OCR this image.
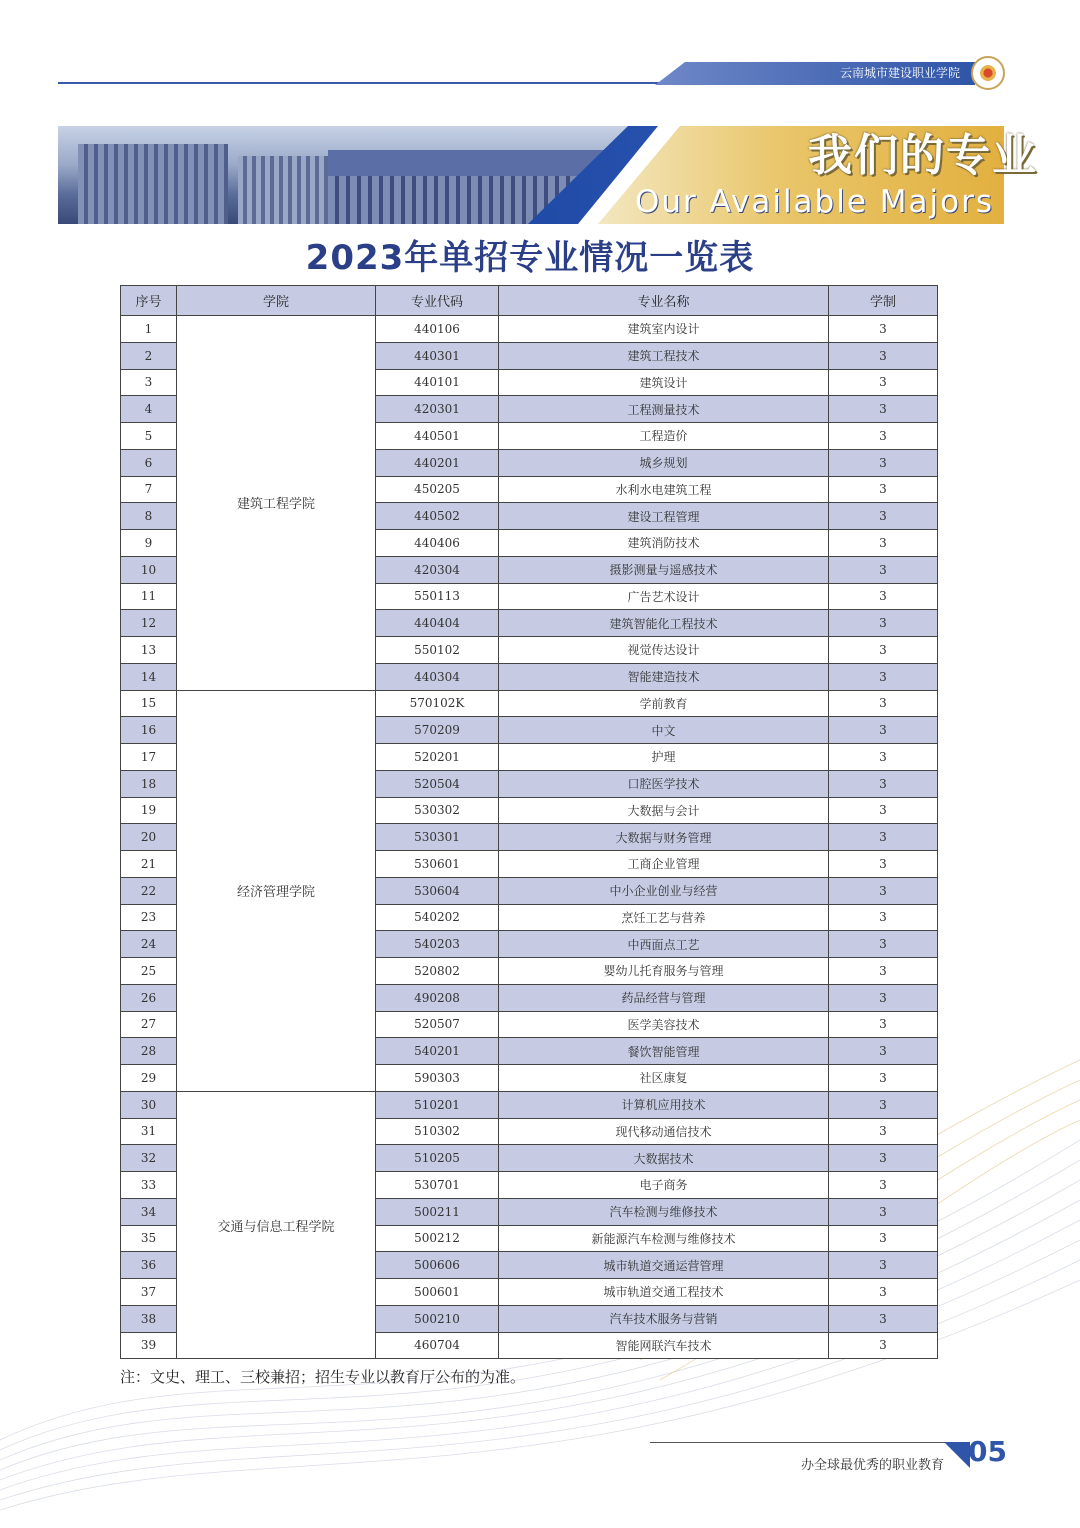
云南城市建设职业学院
我们的专业
Our Available Majors
2023年单招专业情况一览表
序号	学院	专业代码	专业名称	学制
1	建筑工程学院	440106	建筑室内设计	3
2		440301	建筑工程技术	3
3		440101	建筑设计	3
4		420301	工程测量技术	3
5		440501	工程造价	3
6		440201	城乡规划	3
7		450205	水利水电建筑工程	3
8		440502	建设工程管理	3
9		440406	建筑消防技术	3
10		420304	摄影测量与遥感技术	3
11		550113	广告艺术设计	3
12		440404	建筑智能化工程技术	3
13		550102	视觉传达设计	3
14		440304	智能建造技术	3
15	经济管理学院	570102K	学前教育	3
16		570209	中文	3
17		520201	护理	3
18		520504	口腔医学技术	3
19		530302	大数据与会计	3
20		530301	大数据与财务管理	3
21		530601	工商企业管理	3
22		530604	中小企业创业与经营	3
23		540202	烹饪工艺与营养	3
24		540203	中西面点工艺	3
25		520802	婴幼儿托育服务与管理	3
26		490208	药品经营与管理	3
27		520507	医学美容技术	3
28		540201	餐饮智能管理	3
29		590303	社区康复	3
30	交通与信息工程学院	510201	计算机应用技术	3
31		510302	现代移动通信技术	3
32		510205	大数据技术	3
33		530701	电子商务	3
34		500211	汽车检测与维修技术	3
35		500212	新能源汽车检测与维修技术	3
36		500606	城市轨道交通运营管理	3
37		500601	城市轨道交通工程技术	3
38		500210	汽车技术服务与营销	3
39		460704	智能网联汽车技术	3
注：文史、理工、三校兼招；招生专业以教育厅公布的为准。
办全球最优秀的职业教育 05
